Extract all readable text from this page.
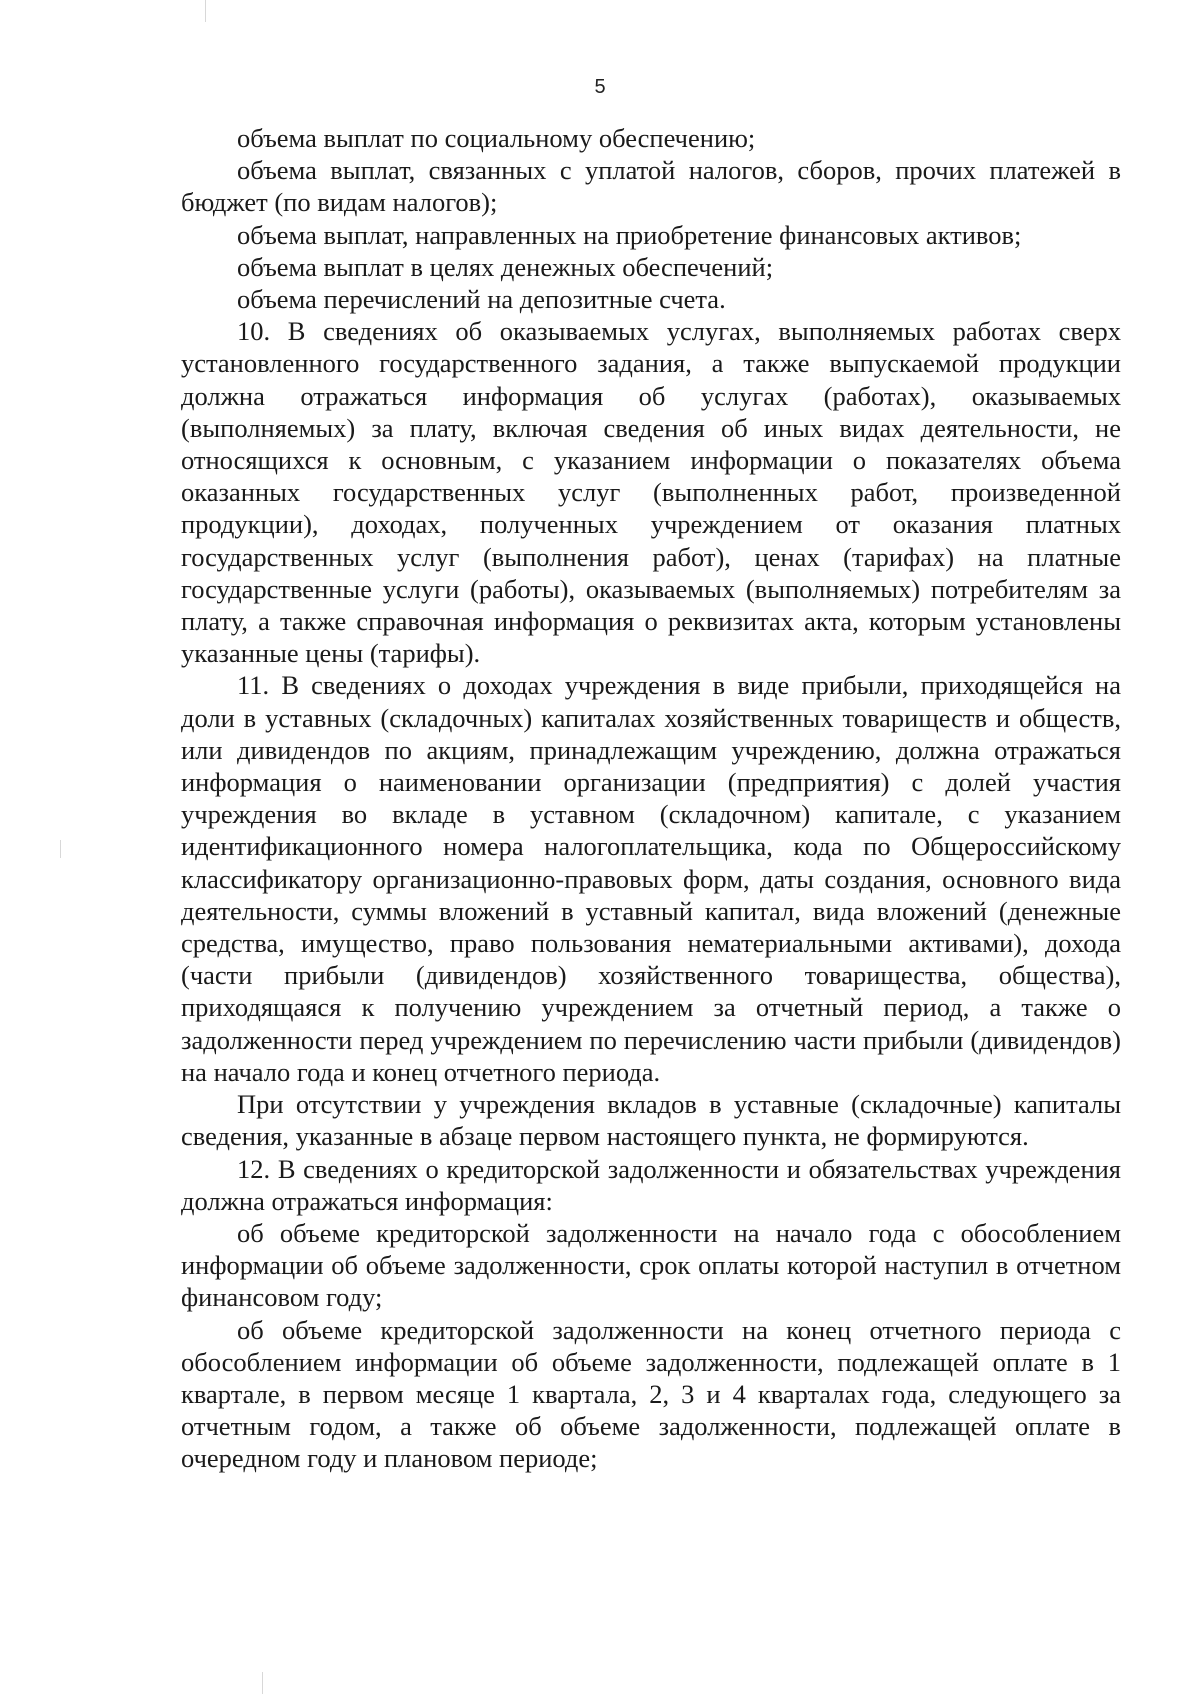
5

объема выплат по социальному обеспечению;

объема выплат, связанных с уплатой налогов, сборов, прочих платежей в бюджет (по видам налогов);

объема выплат, направленных на приобретение финансовых активов;

объема выплат в целях денежных обеспечений;

объема перечислений на депозитные счета.

10. В сведениях об оказываемых услугах, выполняемых работах сверх установленного государственного задания, а также выпускаемой продукции должна отражаться информация об услугах (работах), оказываемых (выполняемых) за плату, включая сведения об иных видах деятельности, не относящихся к основным, с указанием информации о показателях объема оказанных государственных услуг (выполненных работ, произведенной продукции), доходах, полученных учреждением от оказания платных государственных услуг (выполнения работ), ценах (тарифах) на платные государственные услуги (работы), оказываемых (выполняемых) потребителям за плату, а также справочная информация о реквизитах акта, которым установлены указанные цены (тарифы).

11. В сведениях о доходах учреждения в виде прибыли, приходящейся на доли в уставных (складочных) капиталах хозяйственных товариществ и обществ, или дивидендов по акциям, принадлежащим учреждению, должна отражаться информация о наименовании организации (предприятия) с долей участия учреждения во вкладе в уставном (складочном) капитале, с указанием идентификационного номера налогоплательщика, кода по Общероссийскому классификатору организационно-правовых форм, даты создания, основного вида деятельности, суммы вложений в уставный капитал, вида вложений (денежные средства, имущество, право пользования нематериальными активами), дохода (части прибыли (дивидендов) хозяйственного товарищества, общества), приходящаяся к получению учреждением за отчетный период, а также о задолженности перед учреждением по перечислению части прибыли (дивидендов) на начало года и конец отчетного периода.

При отсутствии у учреждения вкладов в уставные (складочные) капиталы сведения, указанные в абзаце первом настоящего пункта, не формируются.

12. В сведениях о кредиторской задолженности и обязательствах учреждения должна отражаться информация:

об объеме кредиторской задолженности на начало года с обособлением информации об объеме задолженности, срок оплаты которой наступил в отчетном финансовом году;

об объеме кредиторской задолженности на конец отчетного периода с обособлением информации об объеме задолженности, подлежащей оплате в 1 квартале, в первом месяце 1 квартала, 2, 3 и 4 кварталах года, следующего за отчетным годом, а также об объеме задолженности, подлежащей оплате в очередном году и плановом периоде;
